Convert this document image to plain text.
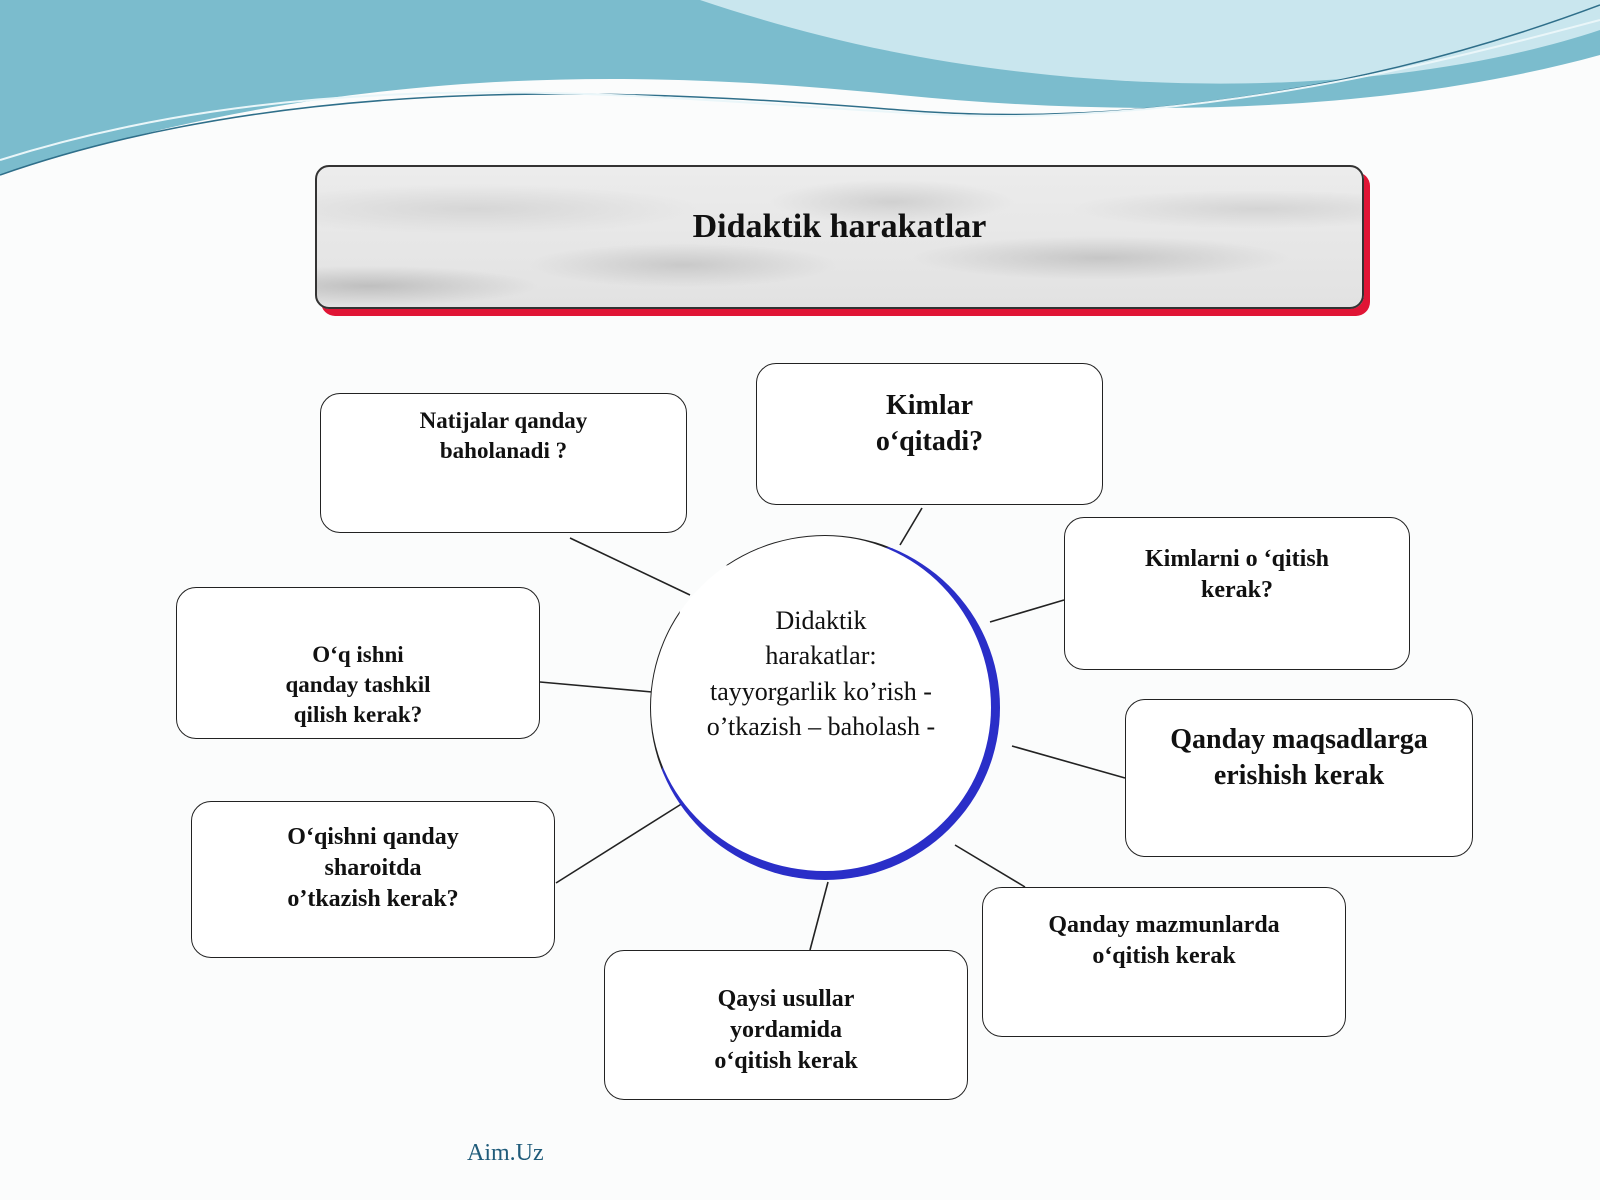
Didaktik harakatlar
Didaktik
harakatlar:
tayyorgarlik ko’rish -
o’tkazish – baholash -
Natijalar qanday
baholanadi ?
Kimlar
o‘qitadi?
Kimlarni o ‘qitish
kerak?
O‘q ishni
qanday tashkil
qilish kerak?
Qanday maqsadlarga
erishish kerak
O‘qishni qanday
sharoitda
o’tkazish kerak?
Qanday mazmunlarda
o‘qitish kerak
Qaysi usullar
yordamida
o‘qitish kerak
Aim.Uz
